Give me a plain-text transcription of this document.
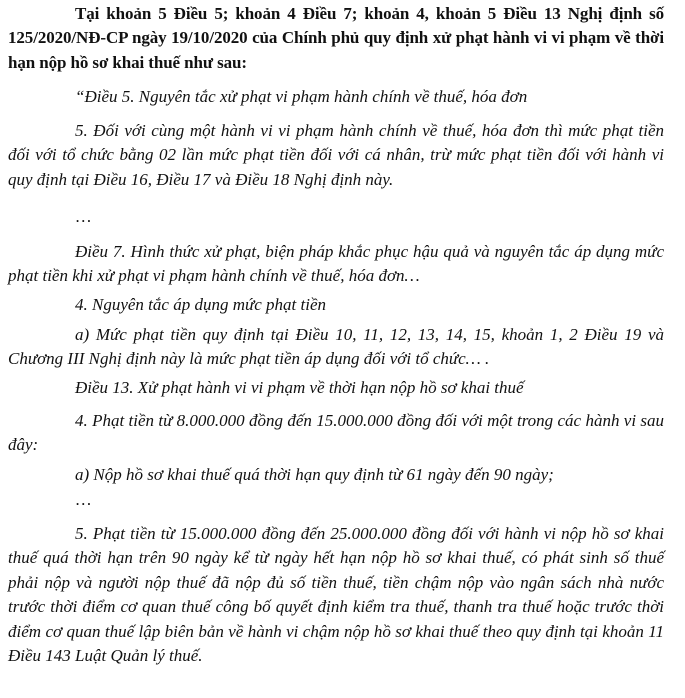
Tại khoản 5 Điều 5; khoản 4 Điều 7; khoản 4, khoản 5 Điều 13 Nghị định số 125/2020/NĐ-CP ngày 19/10/2020 của Chính phủ quy định xử phạt hành vi vi phạm về thời hạn nộp hồ sơ khai thuế như sau:

“Điều 5. Nguyên tắc xử phạt vi phạm hành chính về thuế, hóa đơn

5. Đối với cùng một hành vi vi phạm hành chính về thuế, hóa đơn thì mức phạt tiền đối với tổ chức bằng 02 lần mức phạt tiền đối với cá nhân, trừ mức phạt tiền đối với hành vi quy định tại Điều 16, Điều 17 và Điều 18 Nghị định này.

…

Điều 7. Hình thức xử phạt, biện pháp khắc phục hậu quả và nguyên tắc áp dụng mức phạt tiền khi xử phạt vi phạm hành chính về thuế, hóa đơn…

4. Nguyên tắc áp dụng mức phạt tiền

a) Mức phạt tiền quy định tại Điều 10, 11, 12, 13, 14, 15, khoản 1, 2 Điều 19 và Chương III Nghị định này là mức phạt tiền áp dụng đối với tổ chức… .

Điều 13. Xử phạt hành vi vi phạm về thời hạn nộp hồ sơ khai thuế

4. Phạt tiền từ 8.000.000 đồng đến 15.000.000 đồng đối với một trong các hành vi sau đây:

a) Nộp hồ sơ khai thuế quá thời hạn quy định từ 61 ngày đến 90 ngày;

…

5. Phạt tiền từ 15.000.000 đồng đến 25.000.000 đồng đối với hành vi nộp hồ sơ khai thuế quá thời hạn trên 90 ngày kể từ ngày hết hạn nộp hồ sơ khai thuế, có phát sinh số thuế phải nộp và người nộp thuế đã nộp đủ số tiền thuế, tiền chậm nộp vào ngân sách nhà nước trước thời điểm cơ quan thuế công bố quyết định kiểm tra thuế, thanh tra thuế hoặc trước thời điểm cơ quan thuế lập biên bản về hành vi chậm nộp hồ sơ khai thuế theo quy định tại khoản 11 Điều 143 Luật Quản lý thuế.
